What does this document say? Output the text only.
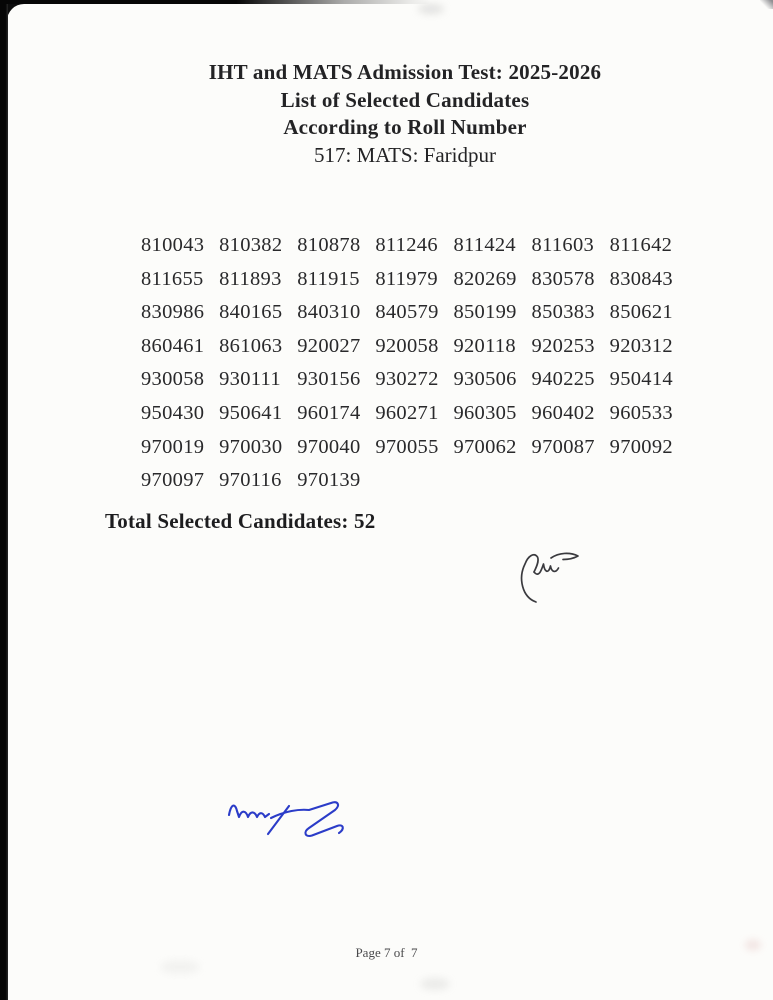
IHT and MATS Admission Test: 2025-2026
List of Selected Candidates
According to Roll Number
517: MATS: Faridpur
810043 810382 810878 811246 811424 811603 811642
811655 811893 811915 811979 820269 830578 830843
830986 840165 840310 840579 850199 850383 850621
860461 861063 920027 920058 920118 920253 920312
930058 930111 930156 930272 930506 940225 950414
950430 950641 960174 960271 960305 960402 960533
970019 970030 970040 970055 970062 970087 970092
970097 970116 970139
Total Selected Candidates: 52
Page 7 of  7
